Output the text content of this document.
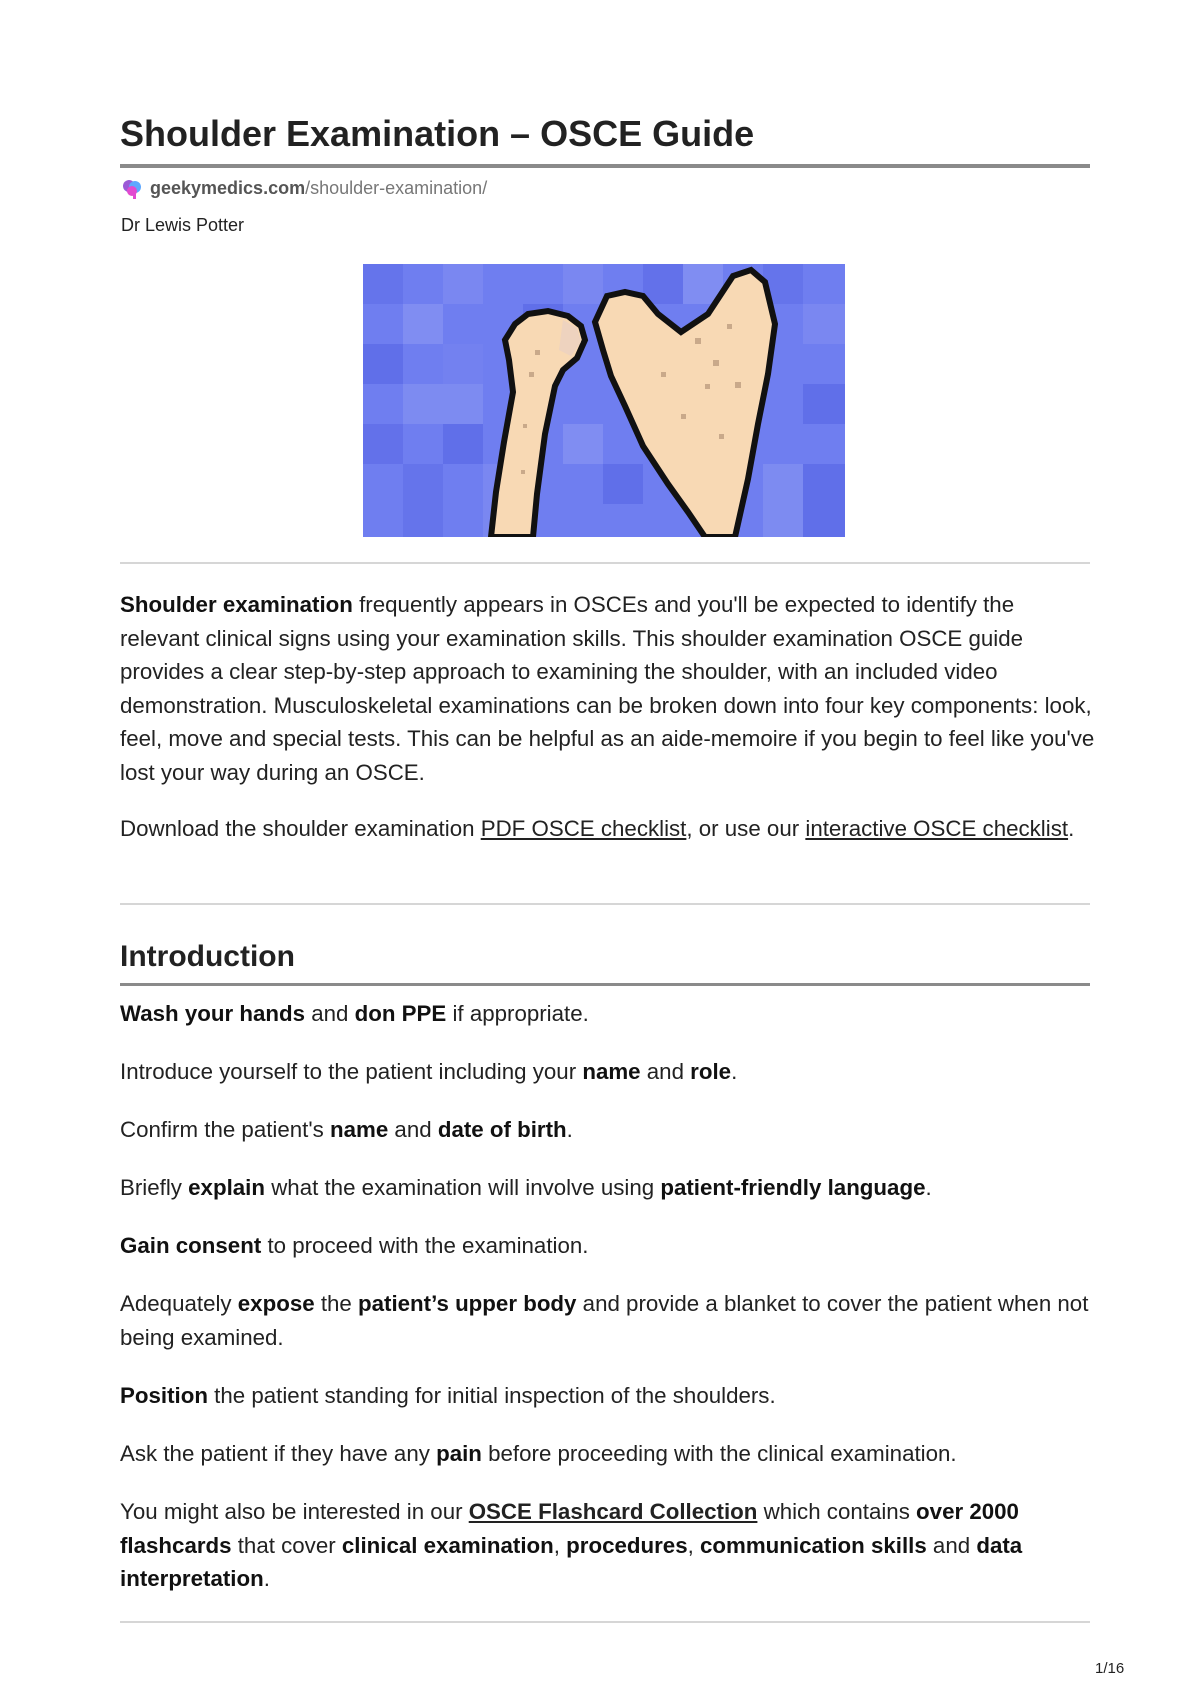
Shoulder Examination – OSCE Guide
geekymedics.com/shoulder-examination/
Dr Lewis Potter

Shoulder examination frequently appears in OSCEs and you'll be expected to identify the relevant clinical signs using your examination skills. This shoulder examination OSCE guide provides a clear step-by-step approach to examining the shoulder, with an included video demonstration. Musculoskeletal examinations can be broken down into four key components: look, feel, move and special tests. This can be helpful as an aide-memoire if you begin to feel like you've lost your way during an OSCE.

Download the shoulder examination PDF OSCE checklist, or use our interactive OSCE checklist.

Introduction

Wash your hands and don PPE if appropriate.

Introduce yourself to the patient including your name and role.

Confirm the patient's name and date of birth.

Briefly explain what the examination will involve using patient-friendly language.

Gain consent to proceed with the examination.

Adequately expose the patient’s upper body and provide a blanket to cover the patient when not being examined.

Position the patient standing for initial inspection of the shoulders.

Ask the patient if they have any pain before proceeding with the clinical examination.

You might also be interested in our OSCE Flashcard Collection which contains over 2000 flashcards that cover clinical examination, procedures, communication skills and data interpretation.

1/16
